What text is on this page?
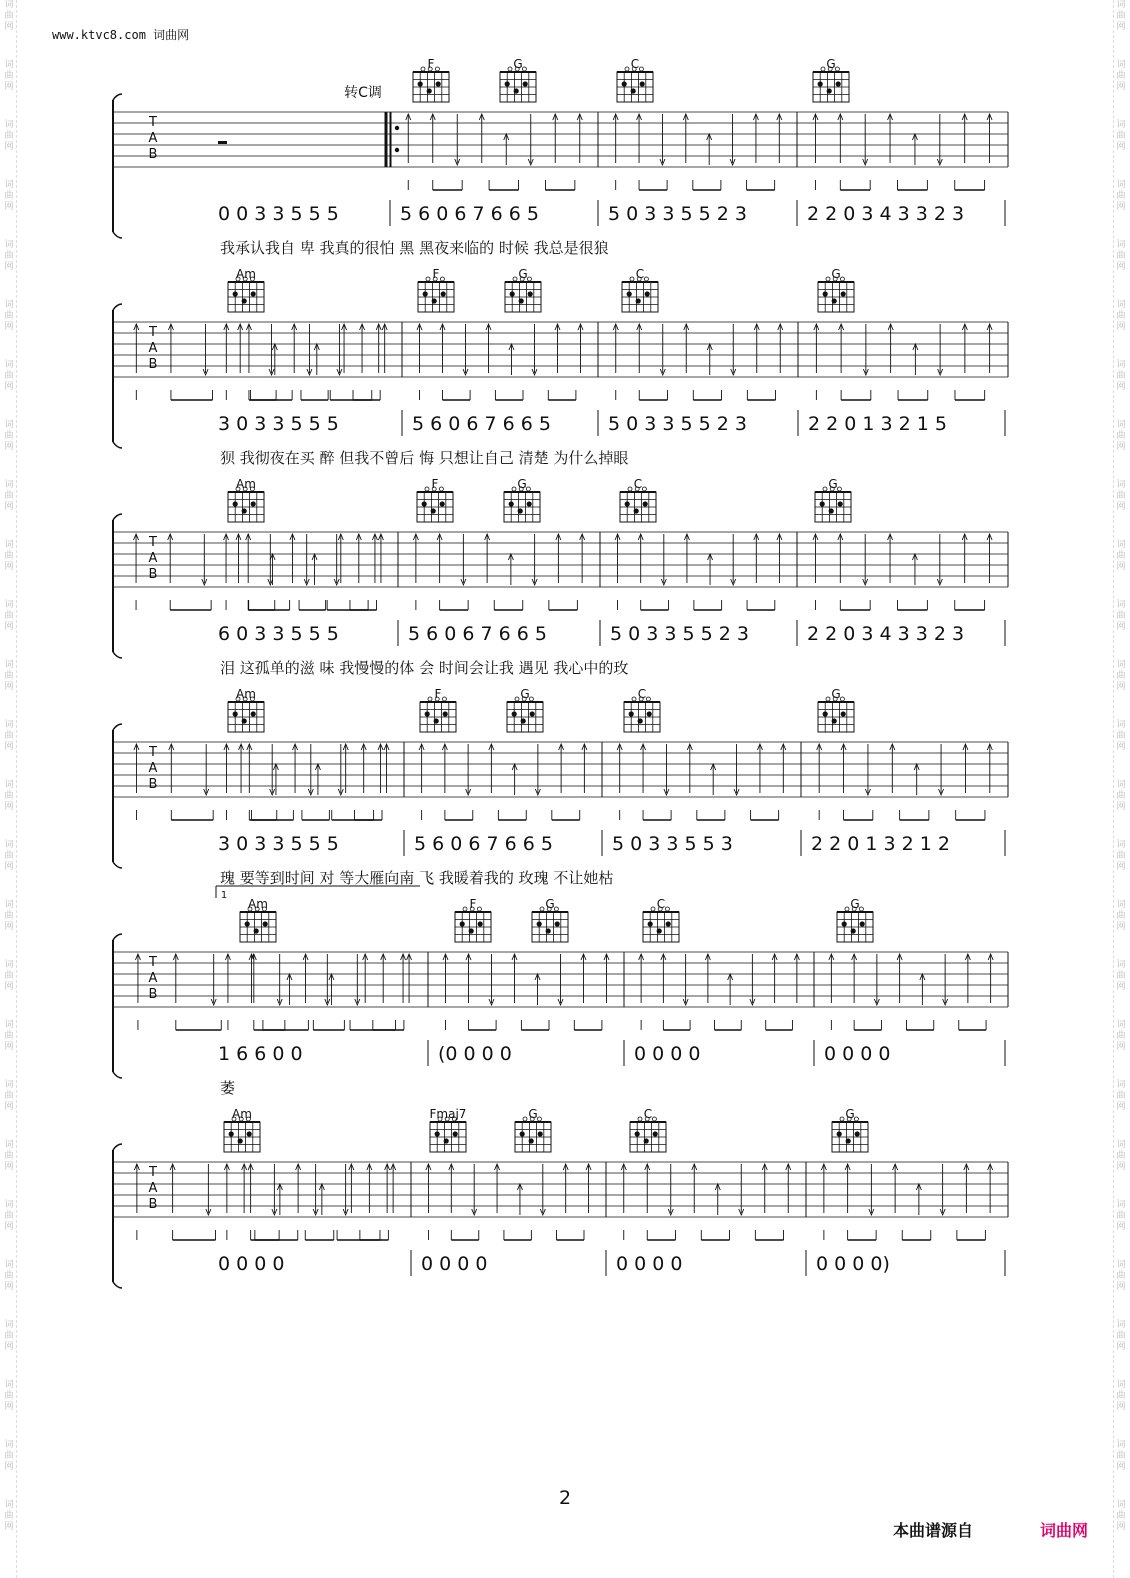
词
曲
网
词
曲
网
词
曲
网
词
曲
网
词
曲
网
词
曲
网
词
曲
网
词
曲
网
词
曲
网
词
曲
网
词
曲
网
词
曲
网
词
曲
网
词
曲
网
词
曲
网
词
曲
网
词
曲
网
词
曲
网
词
曲
网
词
曲
网
词
曲
网
词
曲
网
词
曲
网
词
曲
网
词
曲
网
词
曲
网
词
曲
网
词
曲
网
词
曲
网
词
曲
网
词
曲
网
词
曲
网
词
曲
网
词
曲
网
词
曲
网
词
曲
网
词
曲
网
词
曲
网
词
曲
网
词
曲
网
词
曲
网
词
曲
网
词
曲
网
词
曲
网
词
曲
网
词
曲
网
词
曲
网
词
曲
网
词
曲
网
词
曲
网
词
曲
网
词
曲
网
www.ktvc8.com 词曲网
T
A
B
F	G	C	G
0 0 3 3 5 5 5	5 6 0 6 7 6 6 5	5 0 3 3 5 5 2 3	2 2 0 3 4 3 3 2 3
我承认我自 卑 我真的很怕 黑 黑夜来临的 时候 我总是很狼
T
A
B
Am	F	G	C	G
3 0 3 3 5 5 5	5 6 0 6 7 6 6 5	5 0 3 3 5 5 2 3	2 2 0 1 3 2 1 5
狈 我彻夜在买 醉 但我不曾后 悔 只想让自己 清楚 为什么掉眼
T
A
B
Am	F	G	C	G
6 0 3 3 5 5 5	5 6 0 6 7 6 6 5	5 0 3 3 5 5 2 3	2 2 0 3 4 3 3 2 3
泪 这孤单的滋 味 我慢慢的体 会 时间会让我 遇见 我心中的玫
T
A
B
Am	F	G	C	G
3 0 3 3 5 5 5	5 6 0 6 7 6 6 5	5 0 3 3 5 5 3	2 2 0 1 3 2 1 2
瑰 要等到时间 对 等大雁向南 飞 我暖着我的 玫瑰 不让她枯
T
A
B
Am	F	G	C	G
1 6 6 0 0	(0 0 0 0	0 0 0 0	0 0 0 0
萎
T
A
B
Am	Fmaj7	G	C	G
0 0 0 0	0 0 0 0	0 0 0 0	0 0 0 0)
转C调
1
2
本曲谱源自	词曲网
